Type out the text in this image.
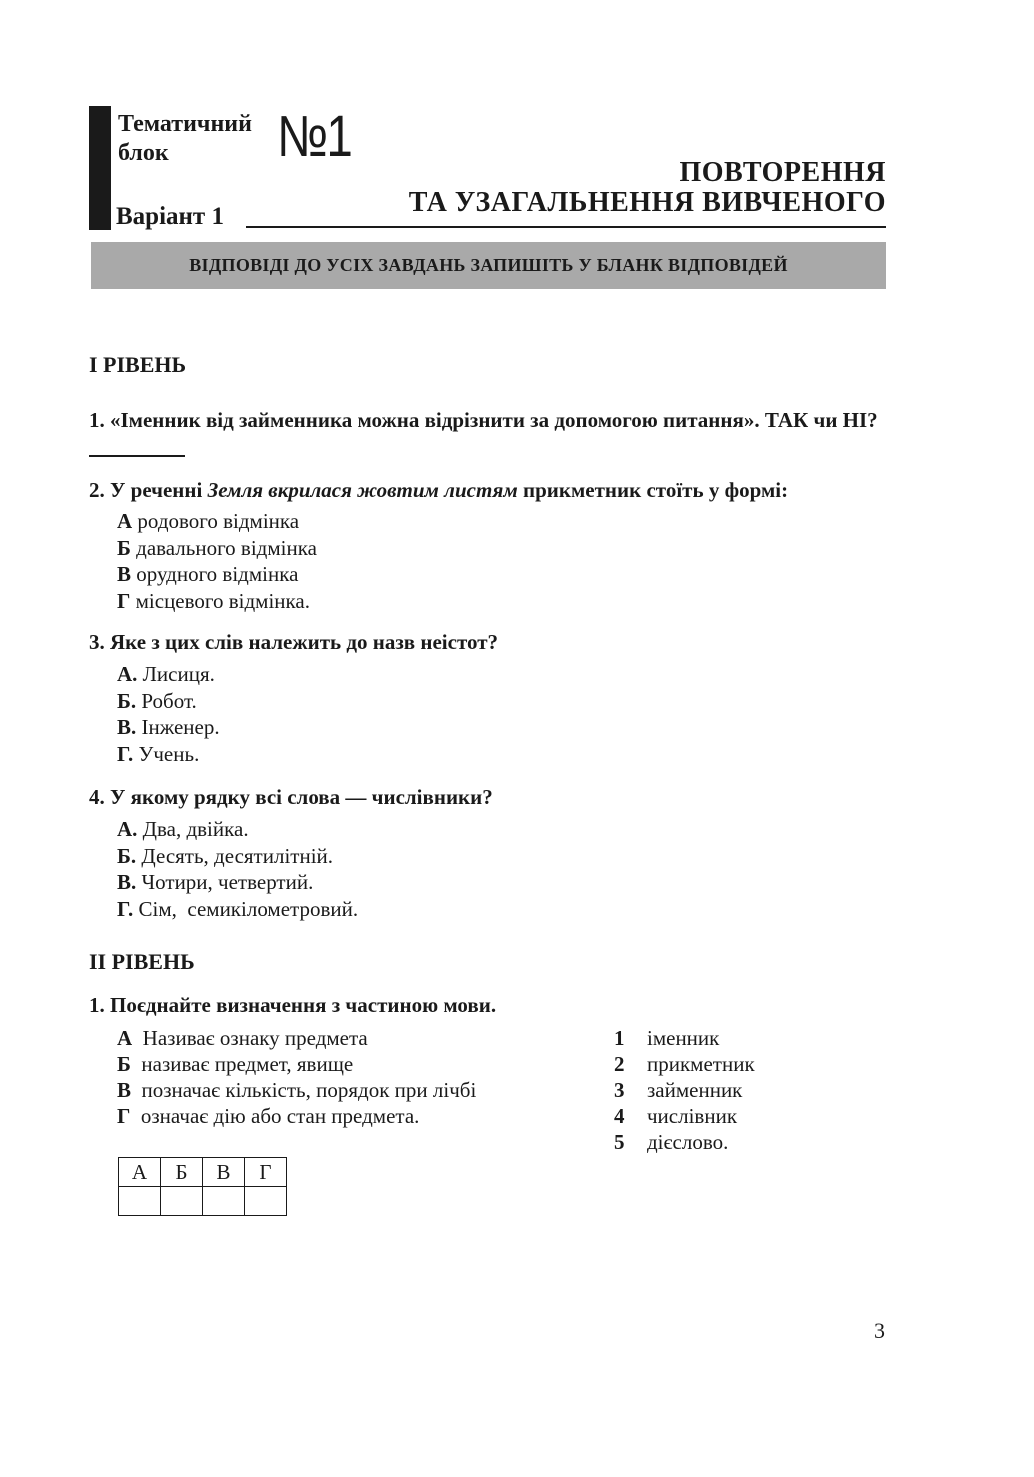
Тематичний
блок	№1
Варіант 1
ПОВТОРЕННЯ
ТА УЗАГАЛЬНЕННЯ ВИВЧЕНОГО
ВІДПОВІДІ ДО УСІХ ЗАВДАНЬ ЗАПИШІТЬ У БЛАНК ВІДПОВІДЕЙ
І РІВЕНЬ
1. «Іменник від займенника можна відрізнити за допомогою питання». ТАК чи НІ?
2. У реченні Земля вкрилася жовтим листям прикметник стоїть у формі:
А родового відмінка
Б давального відмінка
В орудного відмінка
Г місцевого відмінка.
3. Яке з цих слів належить до назв неістот?
А. Лисиця.
Б. Робот.
В. Інженер.
Г. Учень.
4. У якому рядку всі слова — числівники?
А. Два, двійка.
Б. Десять, десятилітній.
В. Чотири, четвертий.
Г. Сім,  семикілометровий.
ІІ РІВЕНЬ
1. Поєднайте визначення з частиною мови.
А  Називає ознаку предмета
Б  називає предмет, явище
В  позначає кількість, порядок при лічбі
Г  означає дію або стан предмета.
1 іменник
2 прикметник
3 займенник
4 числівник
5 дієслово.
А	Б	В	Г

3
